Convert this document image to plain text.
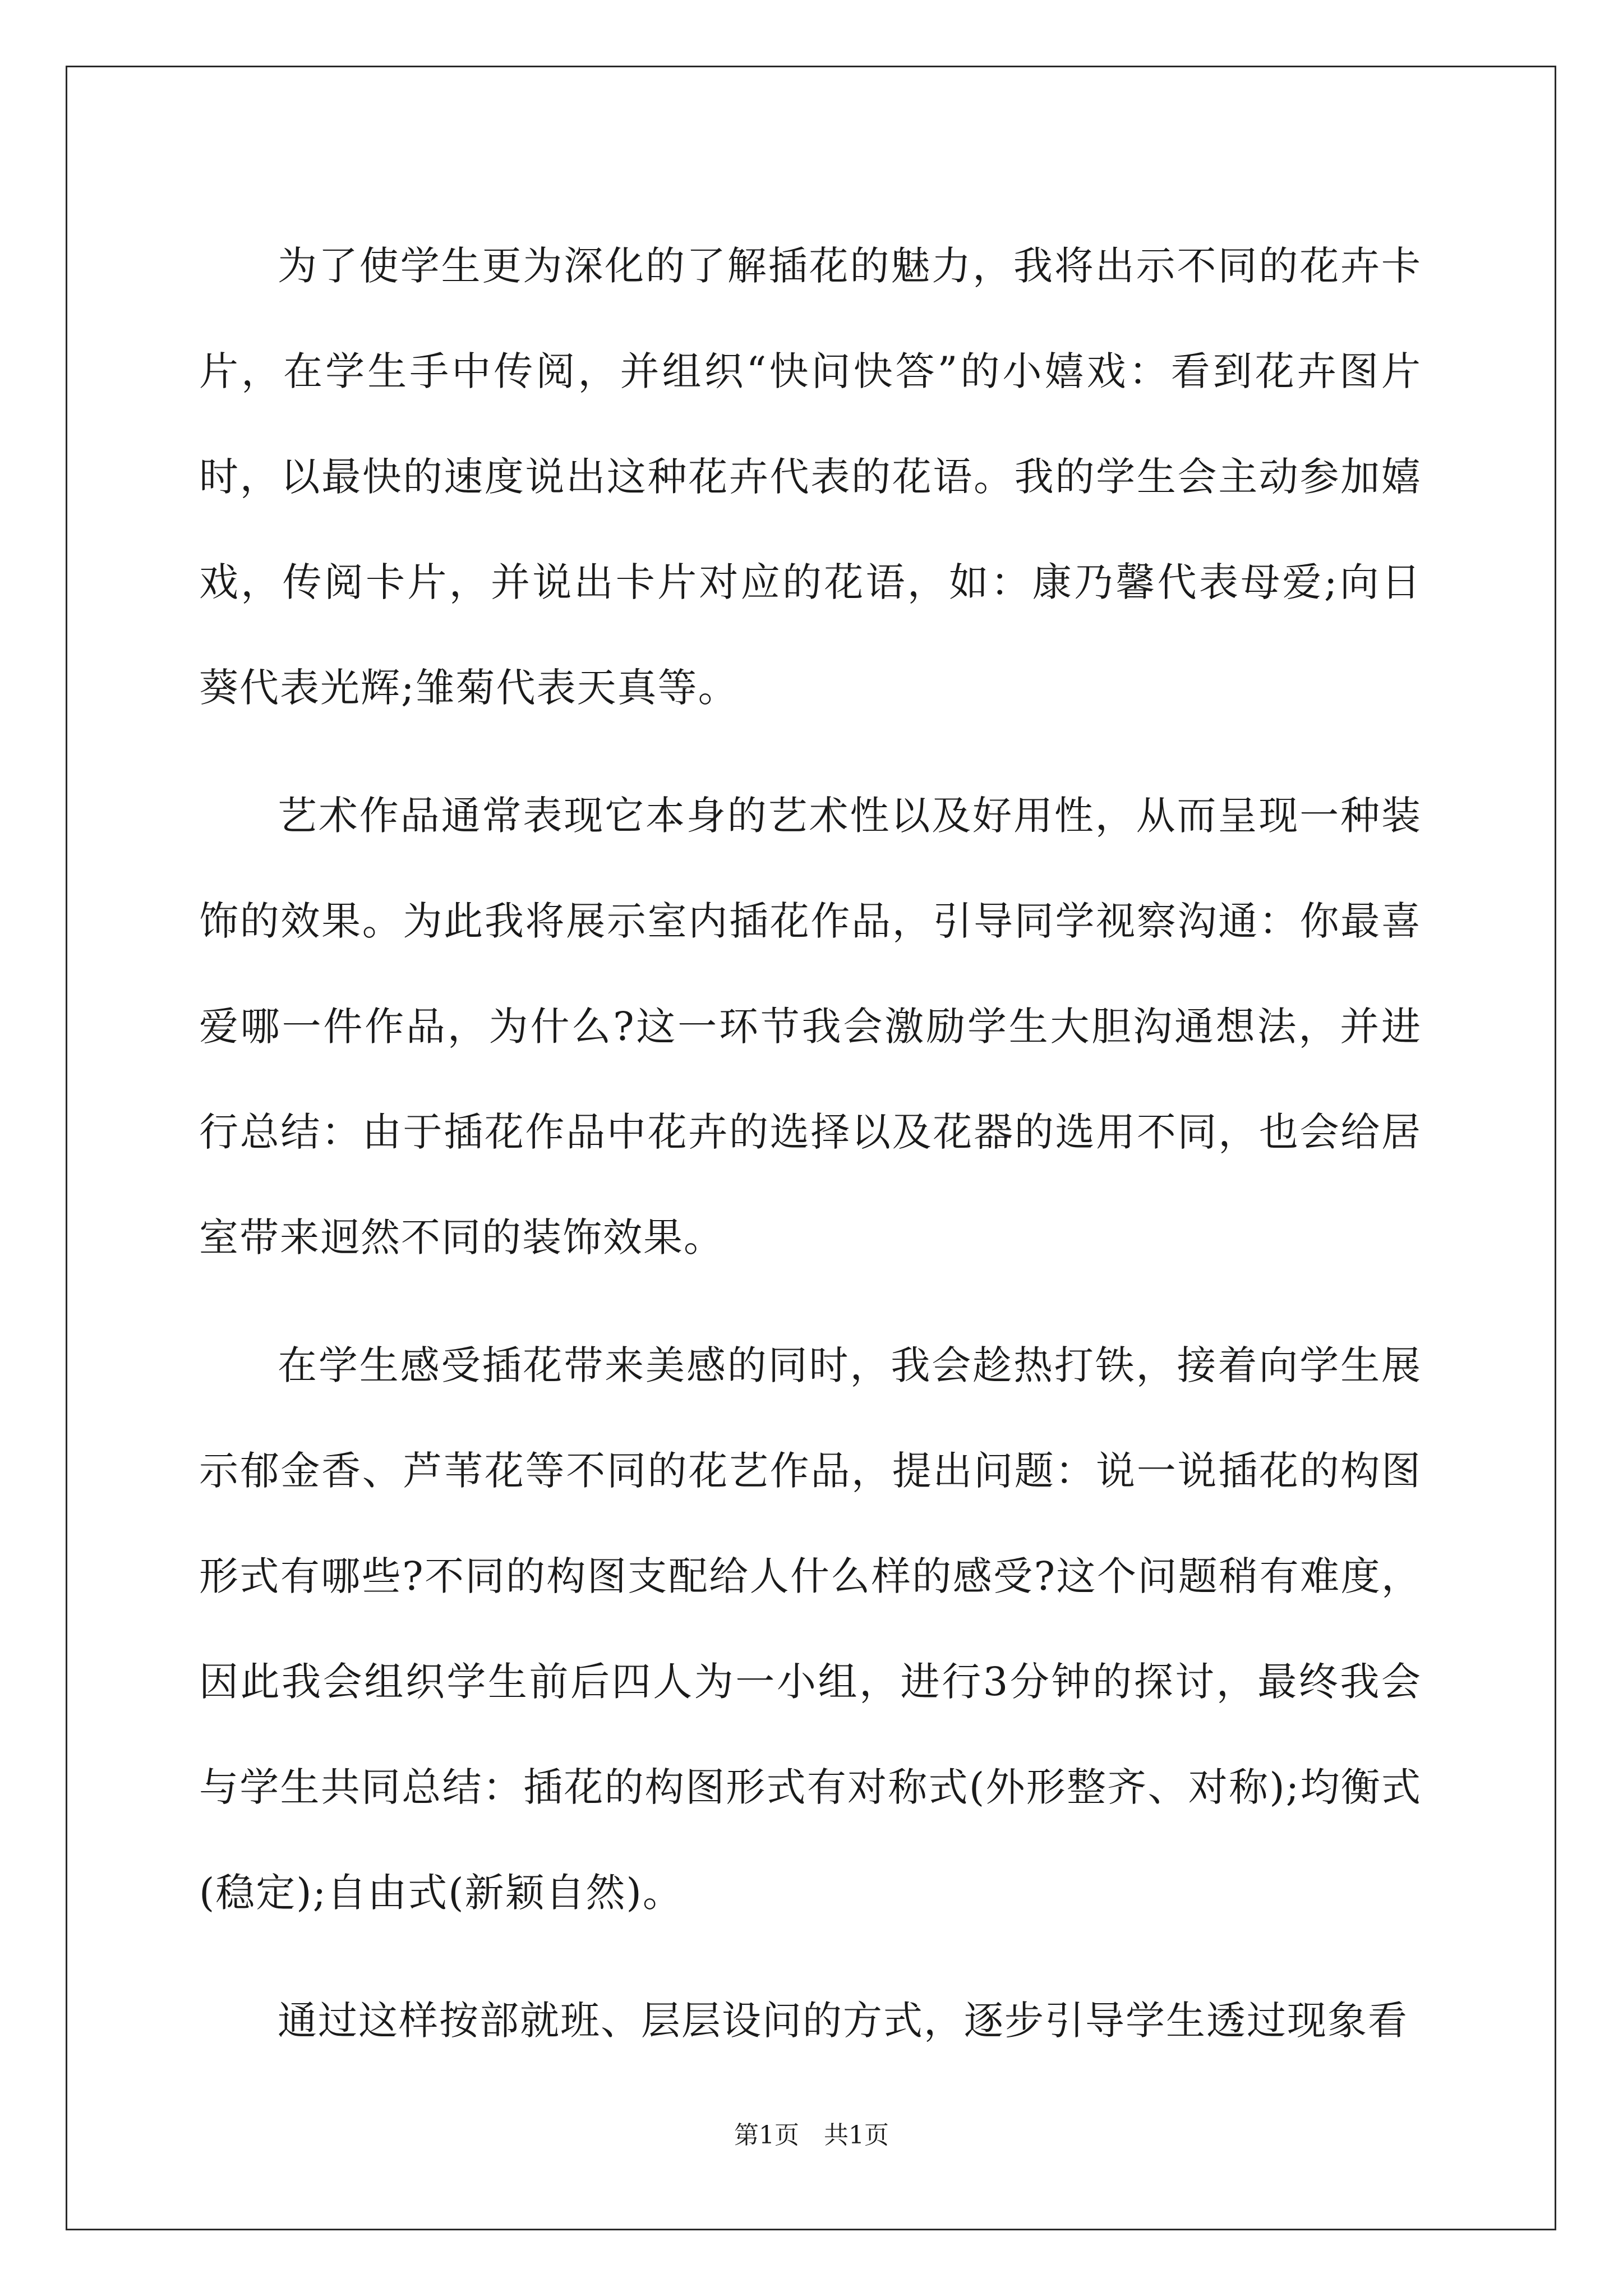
为了使学生更为深化的了解插花的魅力，我将出示不同的花卉卡片，在学生手中传阅，并组织“快问快答”的小嬉戏：看到花卉图片时，以最快的速度说出这种花卉代表的花语。我的学生会主动参加嬉戏，传阅卡片，并说出卡片对应的花语，如：康乃馨代表母爱;向日葵代表光辉;雏菊代表天真等。

艺术作品通常表现它本身的艺术性以及好用性，从而呈现一种装饰的效果。为此我将展示室内插花作品，引导同学视察沟通：你最喜爱哪一件作品，为什么?这一环节我会激励学生大胆沟通想法，并进行总结：由于插花作品中花卉的选择以及花器的选用不同，也会给居室带来迥然不同的装饰效果。

在学生感受插花带来美感的同时，我会趁热打铁，接着向学生展示郁金香、芦苇花等不同的花艺作品，提出问题：说一说插花的构图形式有哪些?不同的构图支配给人什么样的感受?这个问题稍有难度，因此我会组织学生前后四人为一小组，进行3分钟的探讨，最终我会与学生共同总结：插花的构图形式有对称式(外形整齐、对称);均衡式(稳定);自由式(新颖自然)。

通过这样按部就班、层层设问的方式，逐步引导学生透过现象看

第1页 共1页
